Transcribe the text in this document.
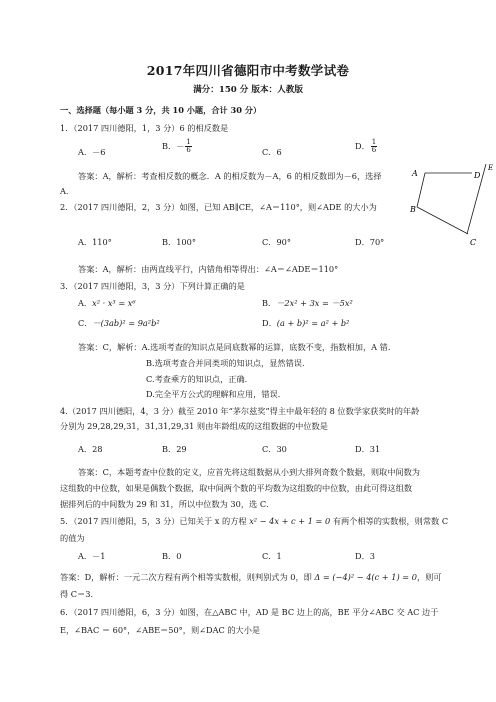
2017年四川省德阳市中考数学试卷
满分：150 分 版本：人教版
一、选择题（每小题 3 分，共 10 小题，合计 30 分）
1．（2017 四川德阳，1，3 分）6 的相反数是
A．－6
B．－ $\frac{1}{6}$	C．6
D． $\frac{1}{6}$
答案：A，解析：考查相反数的概念．A 的相反数为－A，6 的相反数即为－6，选择
A．
2．（2017 四川德阳，2，3 分）如图，已知 AB∥CE，∠A＝110°，则∠ADE 的大小为
A．110°	B．100°	C．90°	D．70°
答案：A，解析：由两直线平行，内错角相等得出：∠A＝∠ADE＝110°
A
B
C
D
E
3．（2017 四川德阳，3，3 分）下列计算正确的是
A．x² · x³ = x⁶	B．－2x² + 3x = －5x²
C．－(3ab)² = 9a²b²	D．(a + b)² = a² + b²
答案：C，解析：A.选项考查的知识点是同底数幂的运算，底数不变，指数相加，A 错.
B.选项考查合并同类项的知识点，显然错误.
C.考查乘方的知识点，正确.
D.完全平方公式的理解和应用，错误.
4.（2017 四川德阳，4，3 分）截至 2010 年“茅尔兹奖”得主中最年轻的 8 位数学家获奖时的年龄
分别为 29,28,29,31，31,31,29,31 则由年龄组成的这组数据的中位数是
A．28	B．29	C．30	D．31
答案：C，本题考查中位数的定义，应首先将这组数据从小到大排列奇数个数据，则取中间数为
这组数的中位数，如果是偶数个数据，取中间两个数的平均数为这组数的中位数，由此可得这组数
据排列后的中间数为 29 和 31，所以中位数为 30，选 C．
5．（2017 四川德阳，5，3 分）已知关于 x 的方程 x² − 4x + c + 1 = 0 有两个相等的实数根，则常数 C
的值为
A．－1	B．0	C．1	D．3
答案：D，解析：一元二次方程有两个相等实数根，则判别式为 0，即 Δ = (−4)² − 4(c + 1) = 0，则可
得 C＝3．
6．（2017 四川德阳，6，3 分）如图，在△ABC 中，AD 是 BC 边上的高，BE 平分∠ABC 交 AC 边于
E，∠BAC ＝ 60°，∠ABE＝50°，则∠DAC 的大小是
